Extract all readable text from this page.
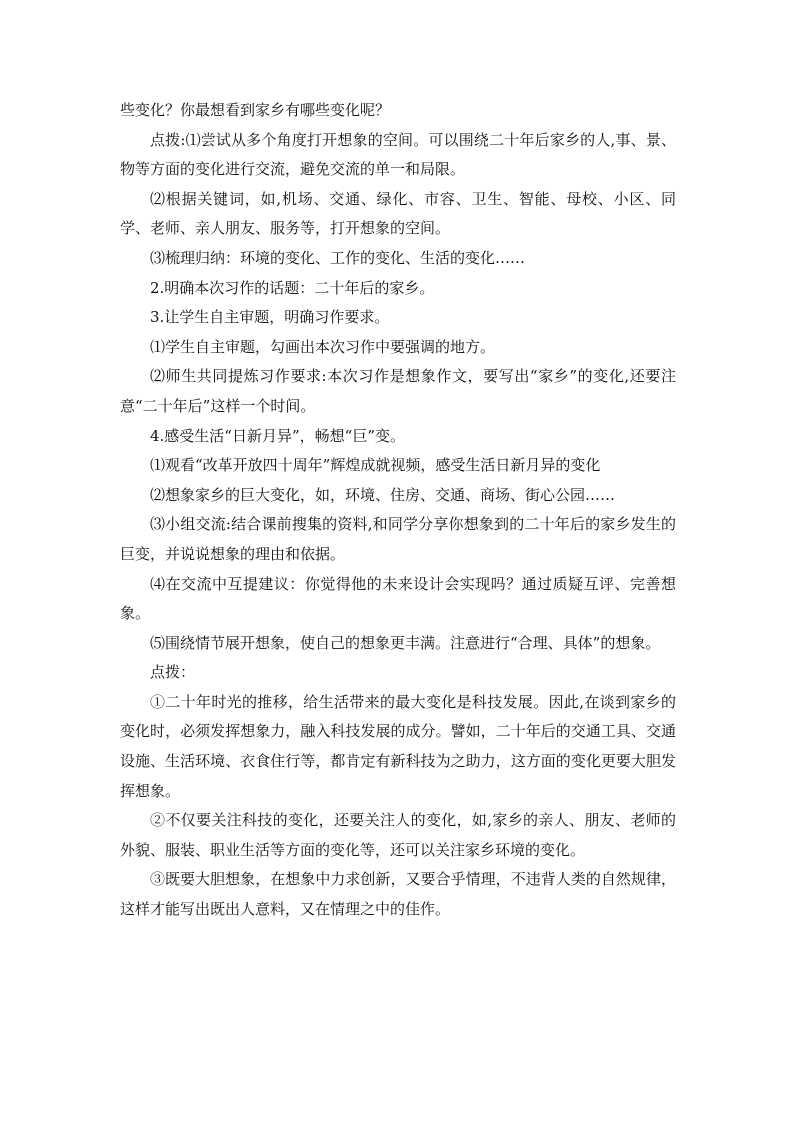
些变化？你最想看到家乡有哪些变化呢？

点拨:⑴尝试从多个角度打开想象的空间。可以围绕二十年后家乡的人,事、景、物等方面的变化进行交流，避免交流的单一和局限。

⑵根据关键词，如,机场、交通、绿化、市容、卫生、智能、母校、小区、同学、老师、亲人朋友、服务等，打开想象的空间。

⑶梳理归纳：环境的变化、工作的变化、生活的变化……

2.明确本次习作的话题：二十年后的家乡。

3.让学生自主审题，明确习作要求。

⑴学生自主审题，勾画出本次习作中要强调的地方。

⑵师生共同提炼习作要求:本次习作是想象作文，要写出“家乡”的变化,还要注意“二十年后”这样一个时间。

4.感受生活“日新月异”，畅想“巨”变。

⑴观看“改革开放四十周年”辉煌成就视频，感受生活日新月异的变化

⑵想象家乡的巨大变化，如，环境、住房、交通、商场、街心公园……

⑶小组交流:结合课前搜集的资料,和同学分享你想象到的二十年后的家乡发生的巨变，并说说想象的理由和依据。

⑷在交流中互提建议：你觉得他的未来设计会实现吗？通过质疑互评、完善想象。

⑸围绕情节展开想象，使自己的想象更丰满。注意进行“合理、具体”的想象。

点拨：

①二十年时光的推移，给生活带来的最大变化是科技发展。因此,在谈到家乡的变化时，必须发挥想象力，融入科技发展的成分。譬如，二十年后的交通工具、交通设施、生活环境、衣食住行等，都肯定有新科技为之助力，这方面的变化更要大胆发挥想象。

②不仅要关注科技的变化，还要关注人的变化，如,家乡的亲人、朋友、老师的外貌、服装、职业生活等方面的变化等，还可以关注家乡环境的变化。

③既要大胆想象，在想象中力求创新，又要合乎情理，不违背人类的自然规律，这样才能写出既出人意料，又在情理之中的佳作。
